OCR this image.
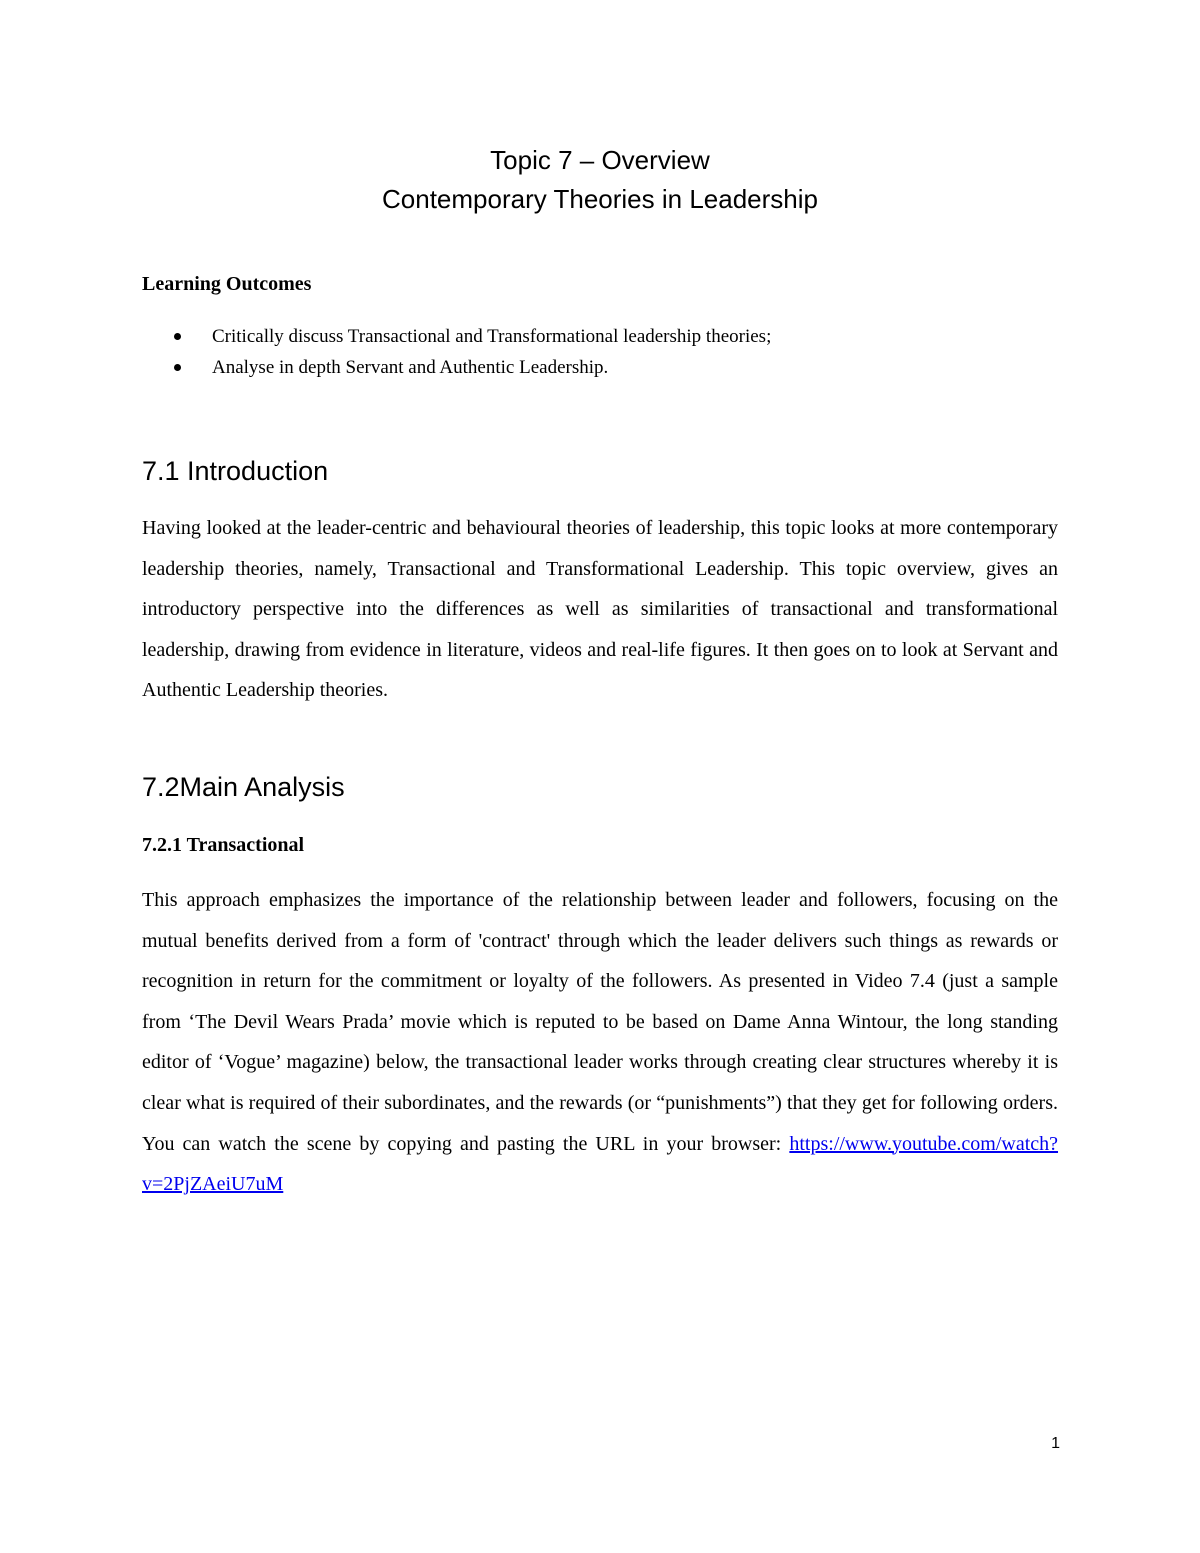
Topic 7 – Overview
Contemporary Theories in Leadership
Learning Outcomes
Critically discuss Transactional and Transformational leadership theories;
Analyse in depth Servant and Authentic Leadership.
7.1 Introduction

Having looked at the leader-centric and behavioural theories of leadership, this topic looks at more contemporary leadership theories, namely, Transactional and Transformational Leadership. This topic overview, gives an introductory perspective into the differences as well as similarities of transactional and transformational leadership, drawing from evidence in literature, videos and real-life figures. It then goes on to look at Servant and Authentic Leadership theories.

7.2Main Analysis
7.2.1 Transactional

This approach emphasizes the importance of the relationship between leader and followers, focusing on the mutual benefits derived from a form of 'contract' through which the leader delivers such things as rewards or recognition in return for the commitment or loyalty of the followers. As presented in Video 7.4 (just a sample from ‘The Devil Wears Prada’ movie which is reputed to be based on Dame Anna Wintour, the long standing editor of ‘Vogue’ magazine) below, the transactional leader works through creating clear structures whereby it is clear what is required of their subordinates, and the rewards (or “punishments”) that they get for following orders. You can watch the scene by copying and pasting the URL in your browser: https://www.youtube.com/watch?v=2PjZAeiU7uM

1
